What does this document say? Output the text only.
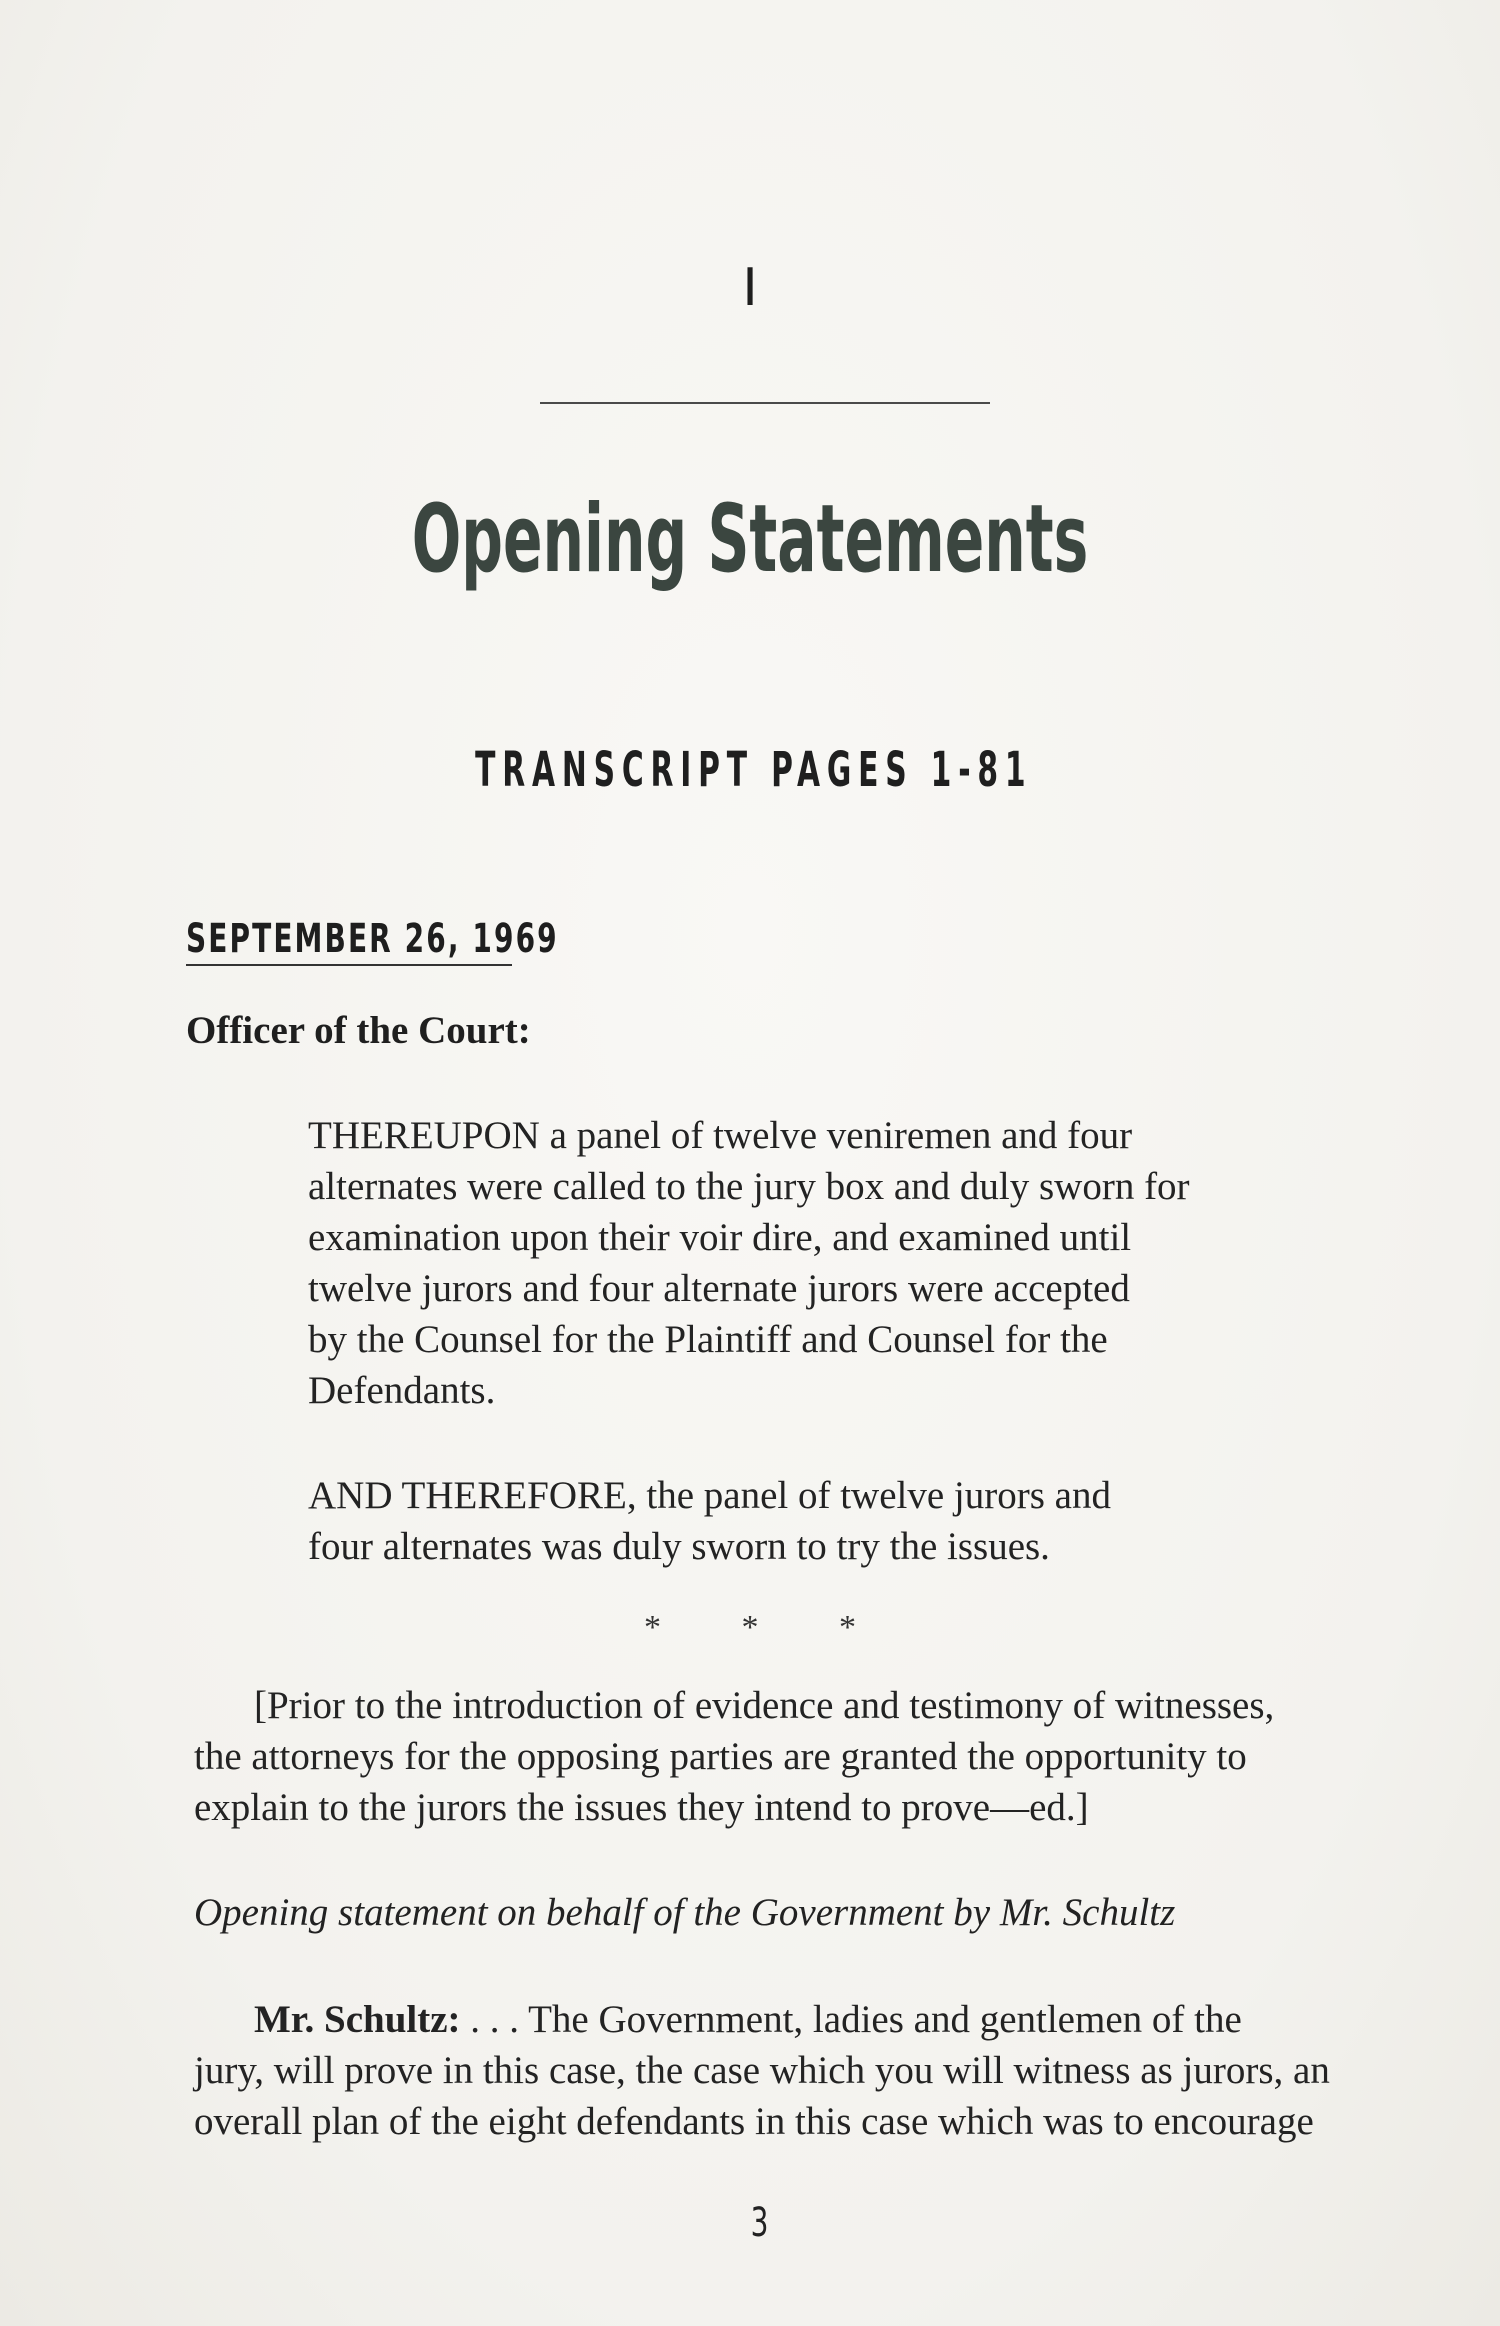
I
Opening Statements
TRANSCRIPT PAGES 1-81
SEPTEMBER 26, 1969
Officer of the Court:
THEREUPON a panel of twelve veniremen and four
alternates were called to the jury box and duly sworn for
examination upon their voir dire, and examined until
twelve jurors and four alternate jurors were accepted
by the Counsel for the Plaintiff and Counsel for the
Defendants.
AND THEREFORE, the panel of twelve jurors and
four alternates was duly sworn to try the issues.
* * *
[Prior to the introduction of evidence and testimony of witnesses,
the attorneys for the opposing parties are granted the opportunity to
explain to the jurors the issues they intend to prove—ed.]
Opening statement on behalf of the Government by Mr. Schultz
Mr. Schultz: . . . The Government, ladies and gentlemen of the
jury, will prove in this case, the case which you will witness as jurors, an
overall plan of the eight defendants in this case which was to encourage
3
